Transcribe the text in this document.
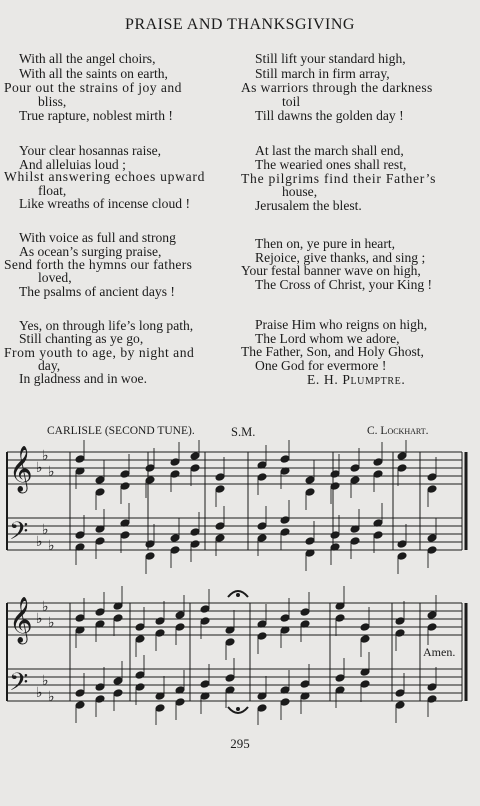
PRAISE AND THANKSGIVING
With all the angel choirs,
With all the saints on earth,
Pour out the strains of joy and
bliss,
True rapture, noblest mirth !
Your clear hosannas raise,
And alleluias loud ;
Whilst answering echoes upward
float,
Like wreaths of incense cloud !
With voice as full and strong
As ocean’s surging praise,
Send forth the hymns our fathers
loved,
The psalms of ancient days !
Yes, on through life’s long path,
Still chanting as ye go,
From youth to age, by night and
day,
In gladness and in woe.
Still lift your standard high,
Still march in firm array,
As warriors through the darkness
toil
Till dawns the golden day !
At last the march shall end,
The wearied ones shall rest,
The pilgrims find their Father’s
house,
Jerusalem the blest.
Then on, ye pure in heart,
Rejoice, give thanks, and sing ;
Your festal banner wave on high,
The Cross of Christ, your King !
Praise Him who reigns on high,
The Lord whom we adore,
The Father, Son, and Holy Ghost,
One God for evermore !
E. H. Plumptre.
CARLISLE (SECOND TUNE).	S.M.	C. Lockhart.
𝄞 ♭
♭
♭
𝄢 ♭
♭
♭
𝄞 ♭
♭
♭
𝄢 ♭
♭
♭
Amen.
295
